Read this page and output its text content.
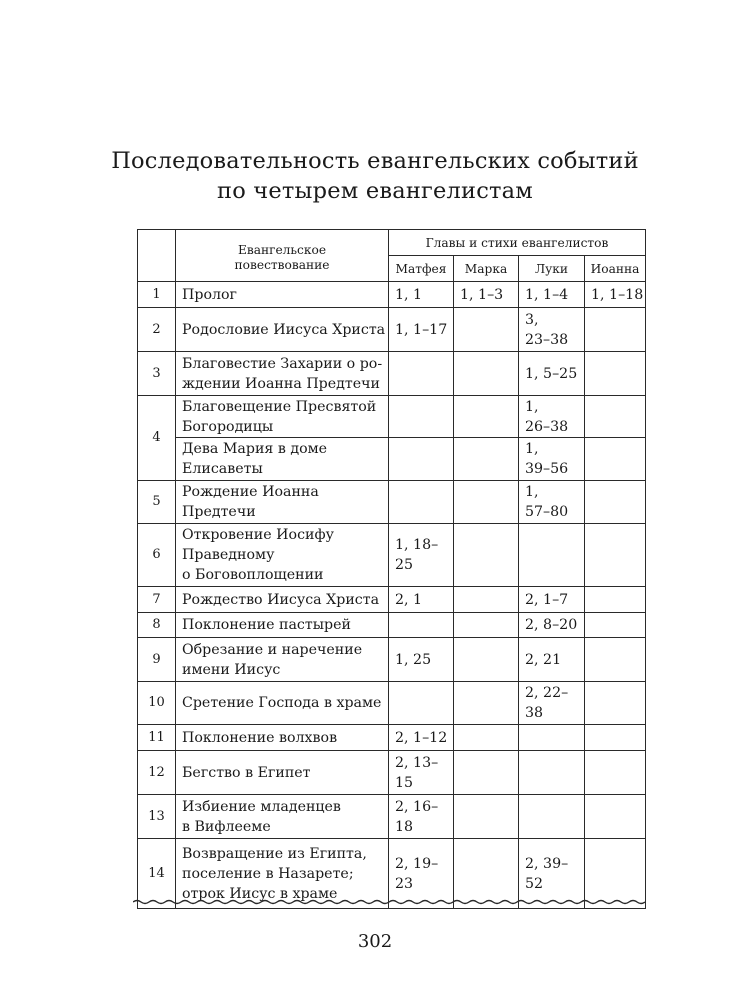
Последовательность евангельских событий
по четырем евангелистам
	Евангельское
повествование	Главы и стихи евангелистов			
		Матфея	Марка	Луки	Иоанна
1	Пролог	1, 1	1, 1–3	1, 1–4	1, 1–18
2	Родословие Иисуса Христа	1, 1–17		3,
23–38	
3	Благовестие Захарии о ро-
ждении Иоанна Предтечи			1, 5–25	
4	Благовещение Пресвятой
Богородицы			1,
26–38	
	Дева Мария в доме
Елисаветы			1,
39–56	
5	Рождение Иоанна
Предтечи			1,
57–80	
6	Откровение Иосифу
Праведному
о Боговоплощении	1, 18–
25			
7	Рождество Иисуса Христа	2, 1		2, 1–7	
8	Поклонение пастырей			2, 8–20	
9	Обрезание и наречение
имени Иисус	1, 25		2, 21	
10	Сретение Господа в храме			2, 22–
38	
11	Поклонение волхвов	2, 1–12			
12	Бегство в Египет	2, 13–
15			
13	Избиение младенцев
в Вифлееме	2, 16–
18			
14	Возвращение из Египта,
поселение в Назарете;
отрок Иисус в храме	2, 19–
23		2, 39–
52	
302
